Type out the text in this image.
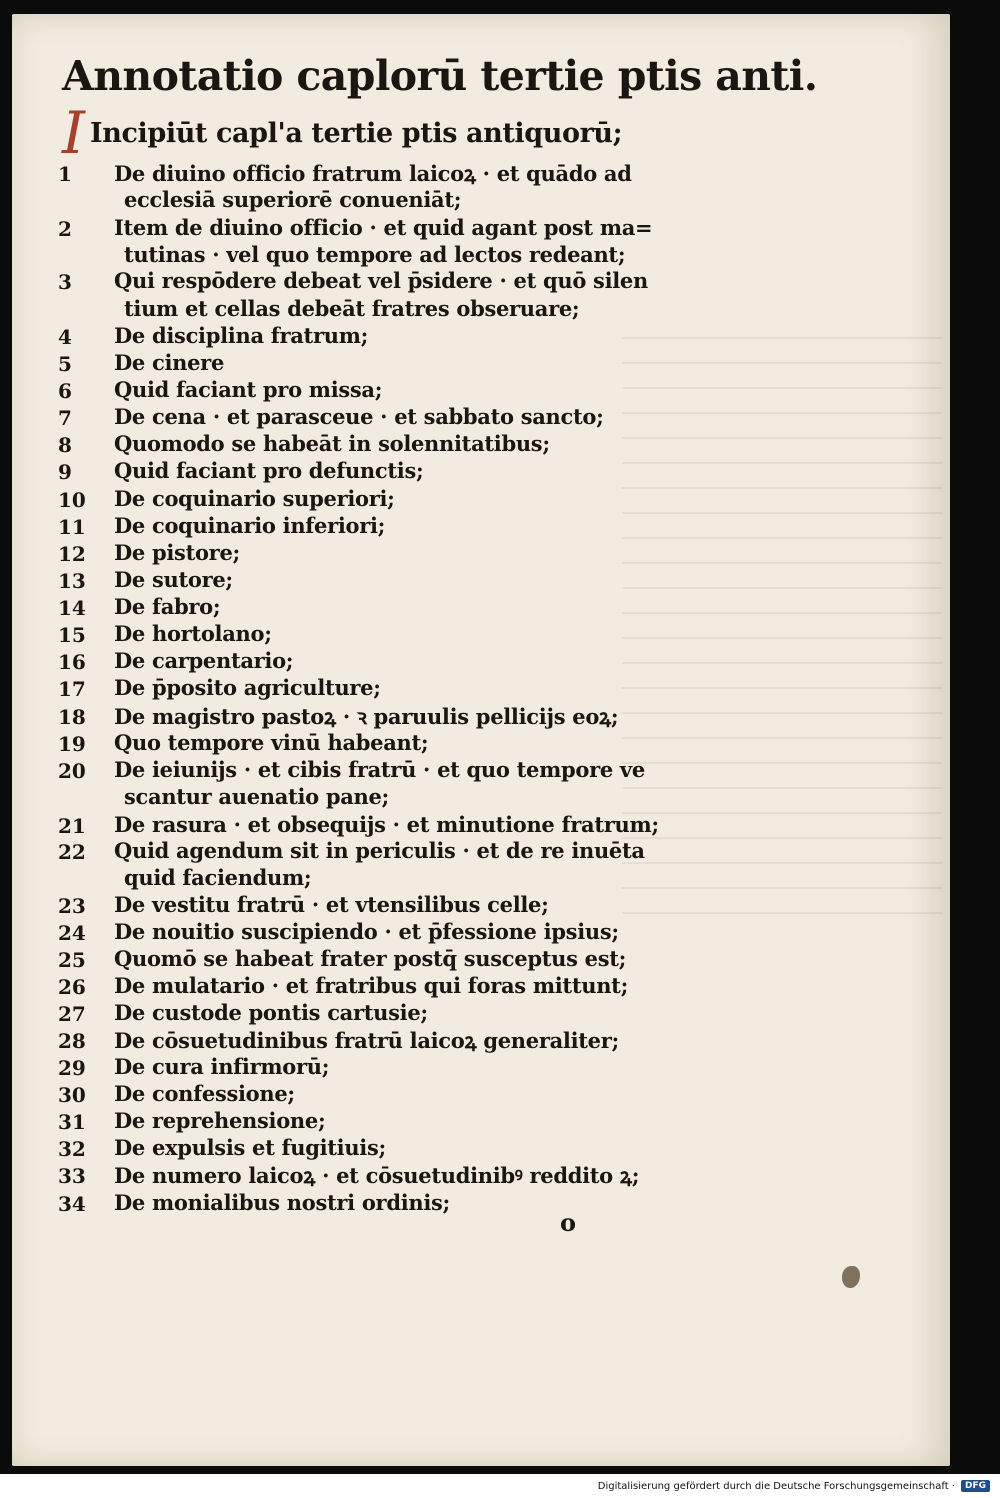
Annotatio caplorū tertie ptis anti.
I Incipiūt capl'a tertie ptis antiquorū;
1	De diuino officio fratrum laicoꝝ · et quādo ad
ecclesiā superiorē conueniāt;
2	Item de diuino officio · et quid agant post ma=
tutinas · vel quo tempore ad lectos redeant;
3	Qui respōdere debeat vel p̄sidere · et quō silen
tium et cellas debeāt fratres obseruare;
4	De disciplina fratrum;
5	De cinere
6	Quid faciant pro missa;
7	De cena · et parasceue · et sabbato sancto;
8	Quomodo se habeāt in solennitatibus;
9	Quid faciant pro defunctis;
10	De coquinario superiori;
11	De coquinario inferiori;
12	De pistore;
13	De sutore;
14	De fabro;
15	De hortolano;
16	De carpentario;
17	De p̄posito agriculture;
18	De magistro pastoꝝ · ꝛ paruulis pellicijs eoꝝ;
19	Quo tempore vinū habeant;
20	De ieiunijs · et cibis fratrū · et quo tempore ve
scantur auenatio pane;
21	De rasura · et obsequijs · et minutione fratrum;
22	Quid agendum sit in periculis · et de re inuēta
quid faciendum;
23	De vestitu fratrū · et vtensilibus celle;
24	De nouitio suscipiendo · et p̄fessione ipsius;
25	Quomō se habeat frater postq̄ susceptus est;
26	De mulatario · et fratribus qui foras mittunt;
27	De custode pontis cartusie;
28	De cōsuetudinibus fratrū laicoꝝ generaliter;
29	De cura infirmorū;
30	De confessione;
31	De reprehensione;
32	De expulsis et fugitiuis;
33	De numero laicoꝝ · et cōsuetudinibꝰ reddito ꝝ;
34	De monialibus nostri ordinis;
o
Digitalisierung gefördert durch die Deutsche Forschungsgemeinschaft ·	DFG
